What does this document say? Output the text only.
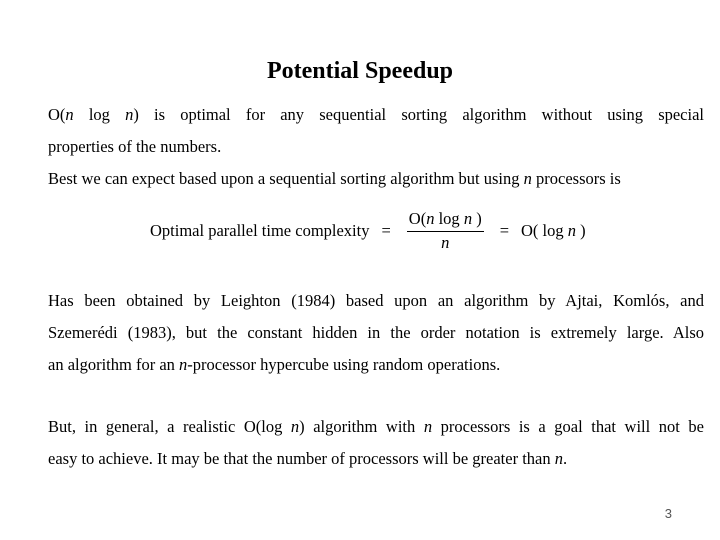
Potential Speedup
O(n log n) is optimal for any sequential sorting algorithm without using special
properties of the numbers.
Best we can expect based upon a sequential sorting algorithm but using n processors is
Optimal parallel time complexity = $\frac{\text{O(n log n )}}{n} = O$( log n )
Has been obtained by Leighton (1984) based upon an algorithm by Ajtai, Komlós, and
Szemerédi (1983), but the constant hidden in the order notation is extremely large. Also
an algorithm for an n-processor hypercube using random operations.
But, in general, a realistic O(log n) algorithm with n processors is a goal that will not be
easy to achieve. It may be that the number of processors will be greater than n.
3
